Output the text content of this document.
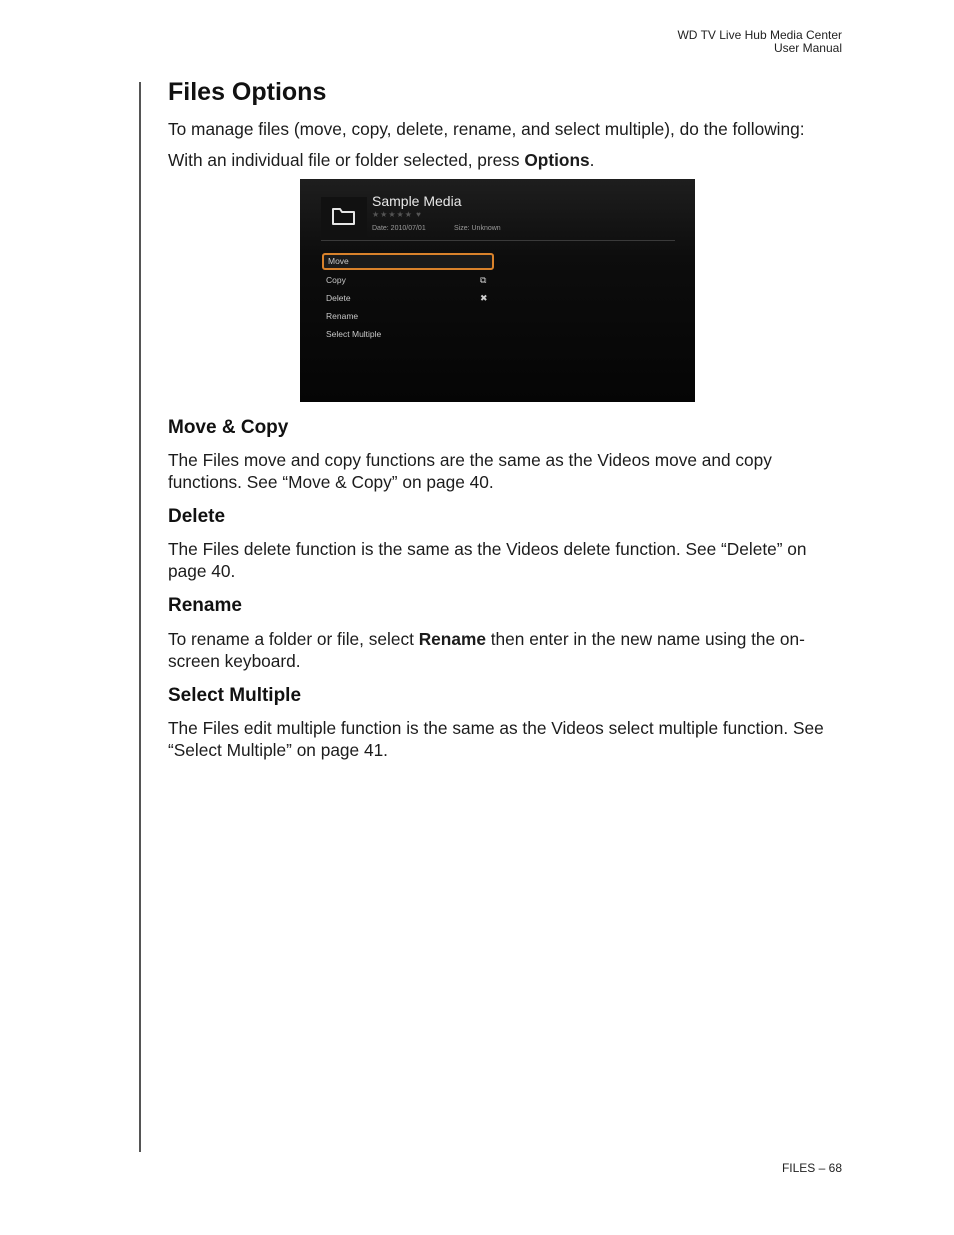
WD TV Live Hub Media Center
User Manual
Files Options

To manage files (move, copy, delete, rename, and select multiple), do the following:

With an individual file or folder selected, press Options.

Move & Copy

The Files move and copy functions are the same as the Videos move and copy functions. See “Move & Copy” on page 40.

Delete

The Files delete function is the same as the Videos delete function. See “Delete” on page 40.

Rename

To rename a folder or file, select Rename then enter in the new name using the on-screen keyboard.

Select Multiple

The Files edit multiple function is the same as the Videos select multiple function. See “Select Multiple” on page 41.

Sample Media
★★★★★ ♥
Date: 2010/07/01	Size: Unknown
Move
Copy	⧉
Delete	✖
Rename
Select Multiple
FILES – 68
